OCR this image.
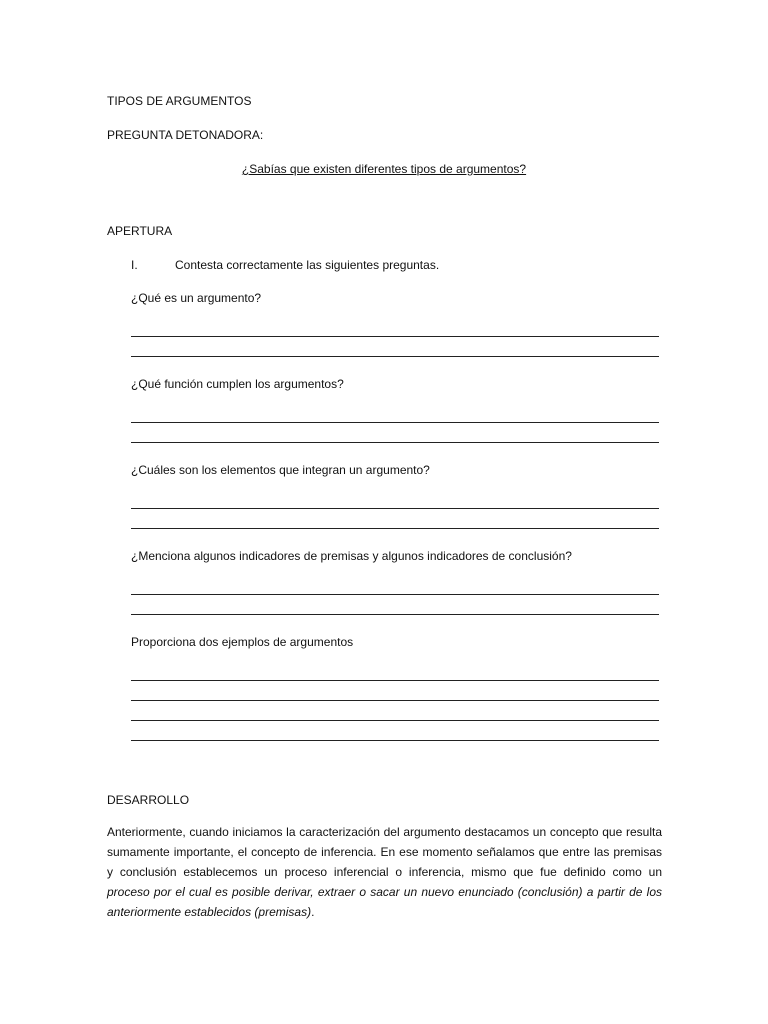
TIPOS DE ARGUMENTOS
PREGUNTA DETONADORA:
¿Sabías que existen diferentes tipos de argumentos?
APERTURA
I.	Contesta correctamente las siguientes preguntas.
¿Qué es un argumento?
¿Qué función cumplen los argumentos?
¿Cuáles son los elementos que integran un argumento?
¿Menciona algunos indicadores de premisas y algunos indicadores de conclusión?
Proporciona dos ejemplos de argumentos
DESARROLLO
Anteriormente, cuando iniciamos la caracterización del argumento destacamos un concepto que resulta sumamente importante, el concepto de inferencia. En ese momento señalamos que entre las premisas y conclusión establecemos un proceso inferencial o inferencia, mismo que fue definido como un proceso por el cual es posible derivar, extraer o sacar un nuevo enunciado (conclusión) a partir de los anteriormente establecidos (premisas).
